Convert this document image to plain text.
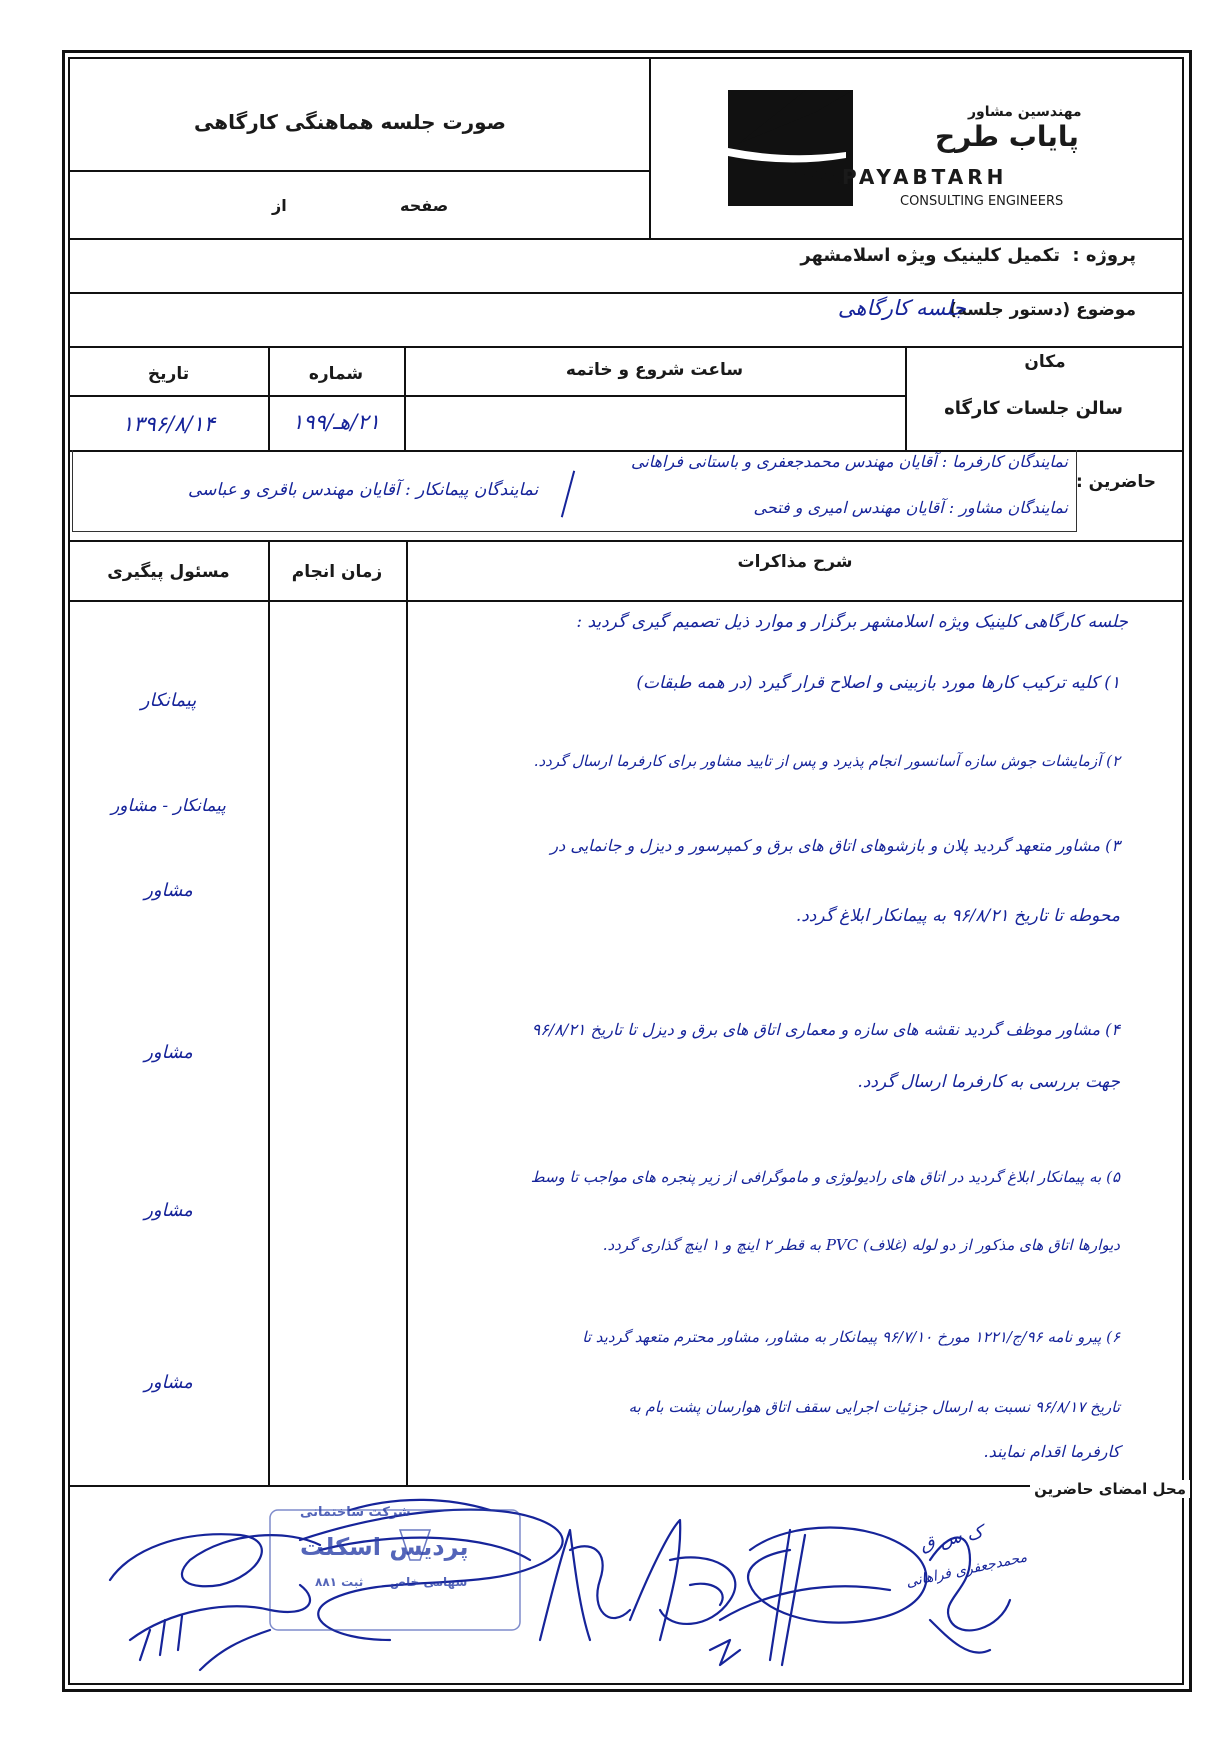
صورت جلسه هماهنگی کارگاهی
صفحه
از
مهندسین مشاور
پایاب طرح
PAYABTARH
CONSULTING ENGINEERS
پروژه :
تکمیل کلینیک ویژه اسلامشهر
موضوع (دستور جلسه)
جلسه کارگاهی
مکان
ساعت شروع و خاتمه
شماره
تاریخ
سالن جلسات کارگاه
۲۱/هـ/۱۹۹
۱۳۹۶/۸/۱۴
حاضرین :
نمایندگان کارفرما : آقایان مهندس محمدجعفری و باستانی فراهانی
نمایندگان مشاور : آقایان مهندس امیری و فتحی
نمایندگان پیمانکار : آقایان مهندس باقری و عباسی
شرح مذاکرات
زمان انجام
مسئول پیگیری
جلسه کارگاهی کلینیک ویژه اسلامشهر برگزار و موارد ذیل تصمیم گیری گردید :
۱) کلیه ترکیب کارها مورد بازبینی و اصلاح قرار گیرد (در همه طبقات)
پیمانکار
۲) آزمایشات جوش سازه آسانسور انجام پذیرد و پس از تایید مشاور برای کارفرما ارسال گردد.
پیمانکار - مشاور
۳) مشاور متعهد گردید پلان و بازشوهای اتاق های برق و کمپرسور و دیزل و جانمایی در
محوطه تا تاریخ ۹۶/۸/۲۱ به پیمانکار ابلاغ گردد.
مشاور
۴) مشاور موظف گردید نقشه های سازه و معماری اتاق های برق و دیزل تا تاریخ ۹۶/۸/۲۱
جهت بررسی به کارفرما ارسال گردد.
مشاور
۵) به پیمانکار ابلاغ گردید در اتاق های رادیولوژی و ماموگرافی از زیر پنجره های مواجب تا وسط
دیوارها اتاق های مذکور از دو لوله (غلاف) PVC به قطر ۲ اینچ و ۱ اینچ گذاری گردد.
مشاور
۶) پیرو نامه ۹۶/ج/۱۲۲۱ مورخ ۹۶/۷/۱۰ پیمانکار به مشاور، مشاور محترم متعهد گردید تا
تاریخ ۹۶/۸/۱۷ نسبت به ارسال جزئیات اجرایی سقف اتاق هوارسان پشت بام به
کارفرما اقدام نمایند.
مشاور
محل امضای حاضرین
ک س ق
محمدجعفری فراهانی
شرکت ساختمانی
پردیس اسکلت
سهامی خاص
ثبت ۸۸۱
